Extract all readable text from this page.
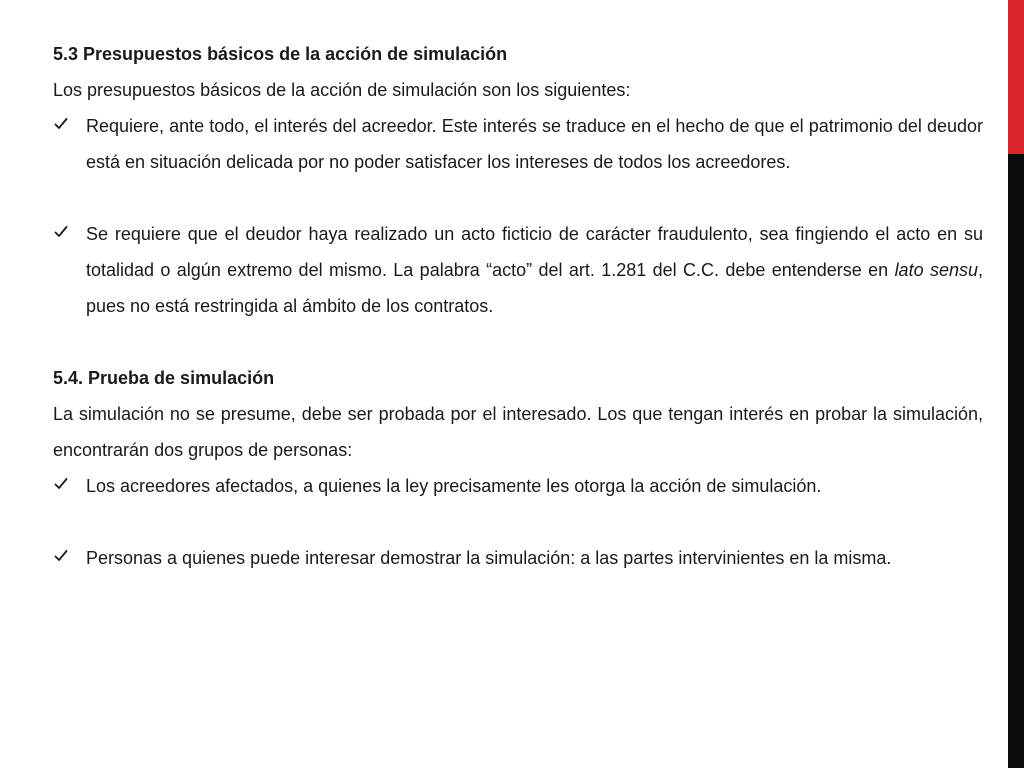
5.3 Presupuestos básicos de la acción de simulación

Los presupuestos básicos de la acción de simulación son los siguientes:

Requiere, ante todo, el interés del acreedor. Este interés se traduce en el hecho de que el patrimonio del deudor está en situación delicada por no poder satisfacer los intereses de todos los acreedores.
Se requiere que el deudor haya realizado un acto ficticio de carácter fraudulento, sea fingiendo el acto en su totalidad o algún extremo del mismo. La palabra “acto” del art. 1.281 del C.C. debe entenderse en lato sensu, pues no está restringida al ámbito de los contratos.

5.4. Prueba de simulación

La simulación no se presume, debe ser probada por el interesado. Los que tengan interés en probar la simulación, encontrarán dos grupos de personas:

Los acreedores afectados, a quienes la ley precisamente les otorga la acción de simulación.
Personas a quienes puede interesar demostrar la simulación: a las partes intervinientes en la misma.
